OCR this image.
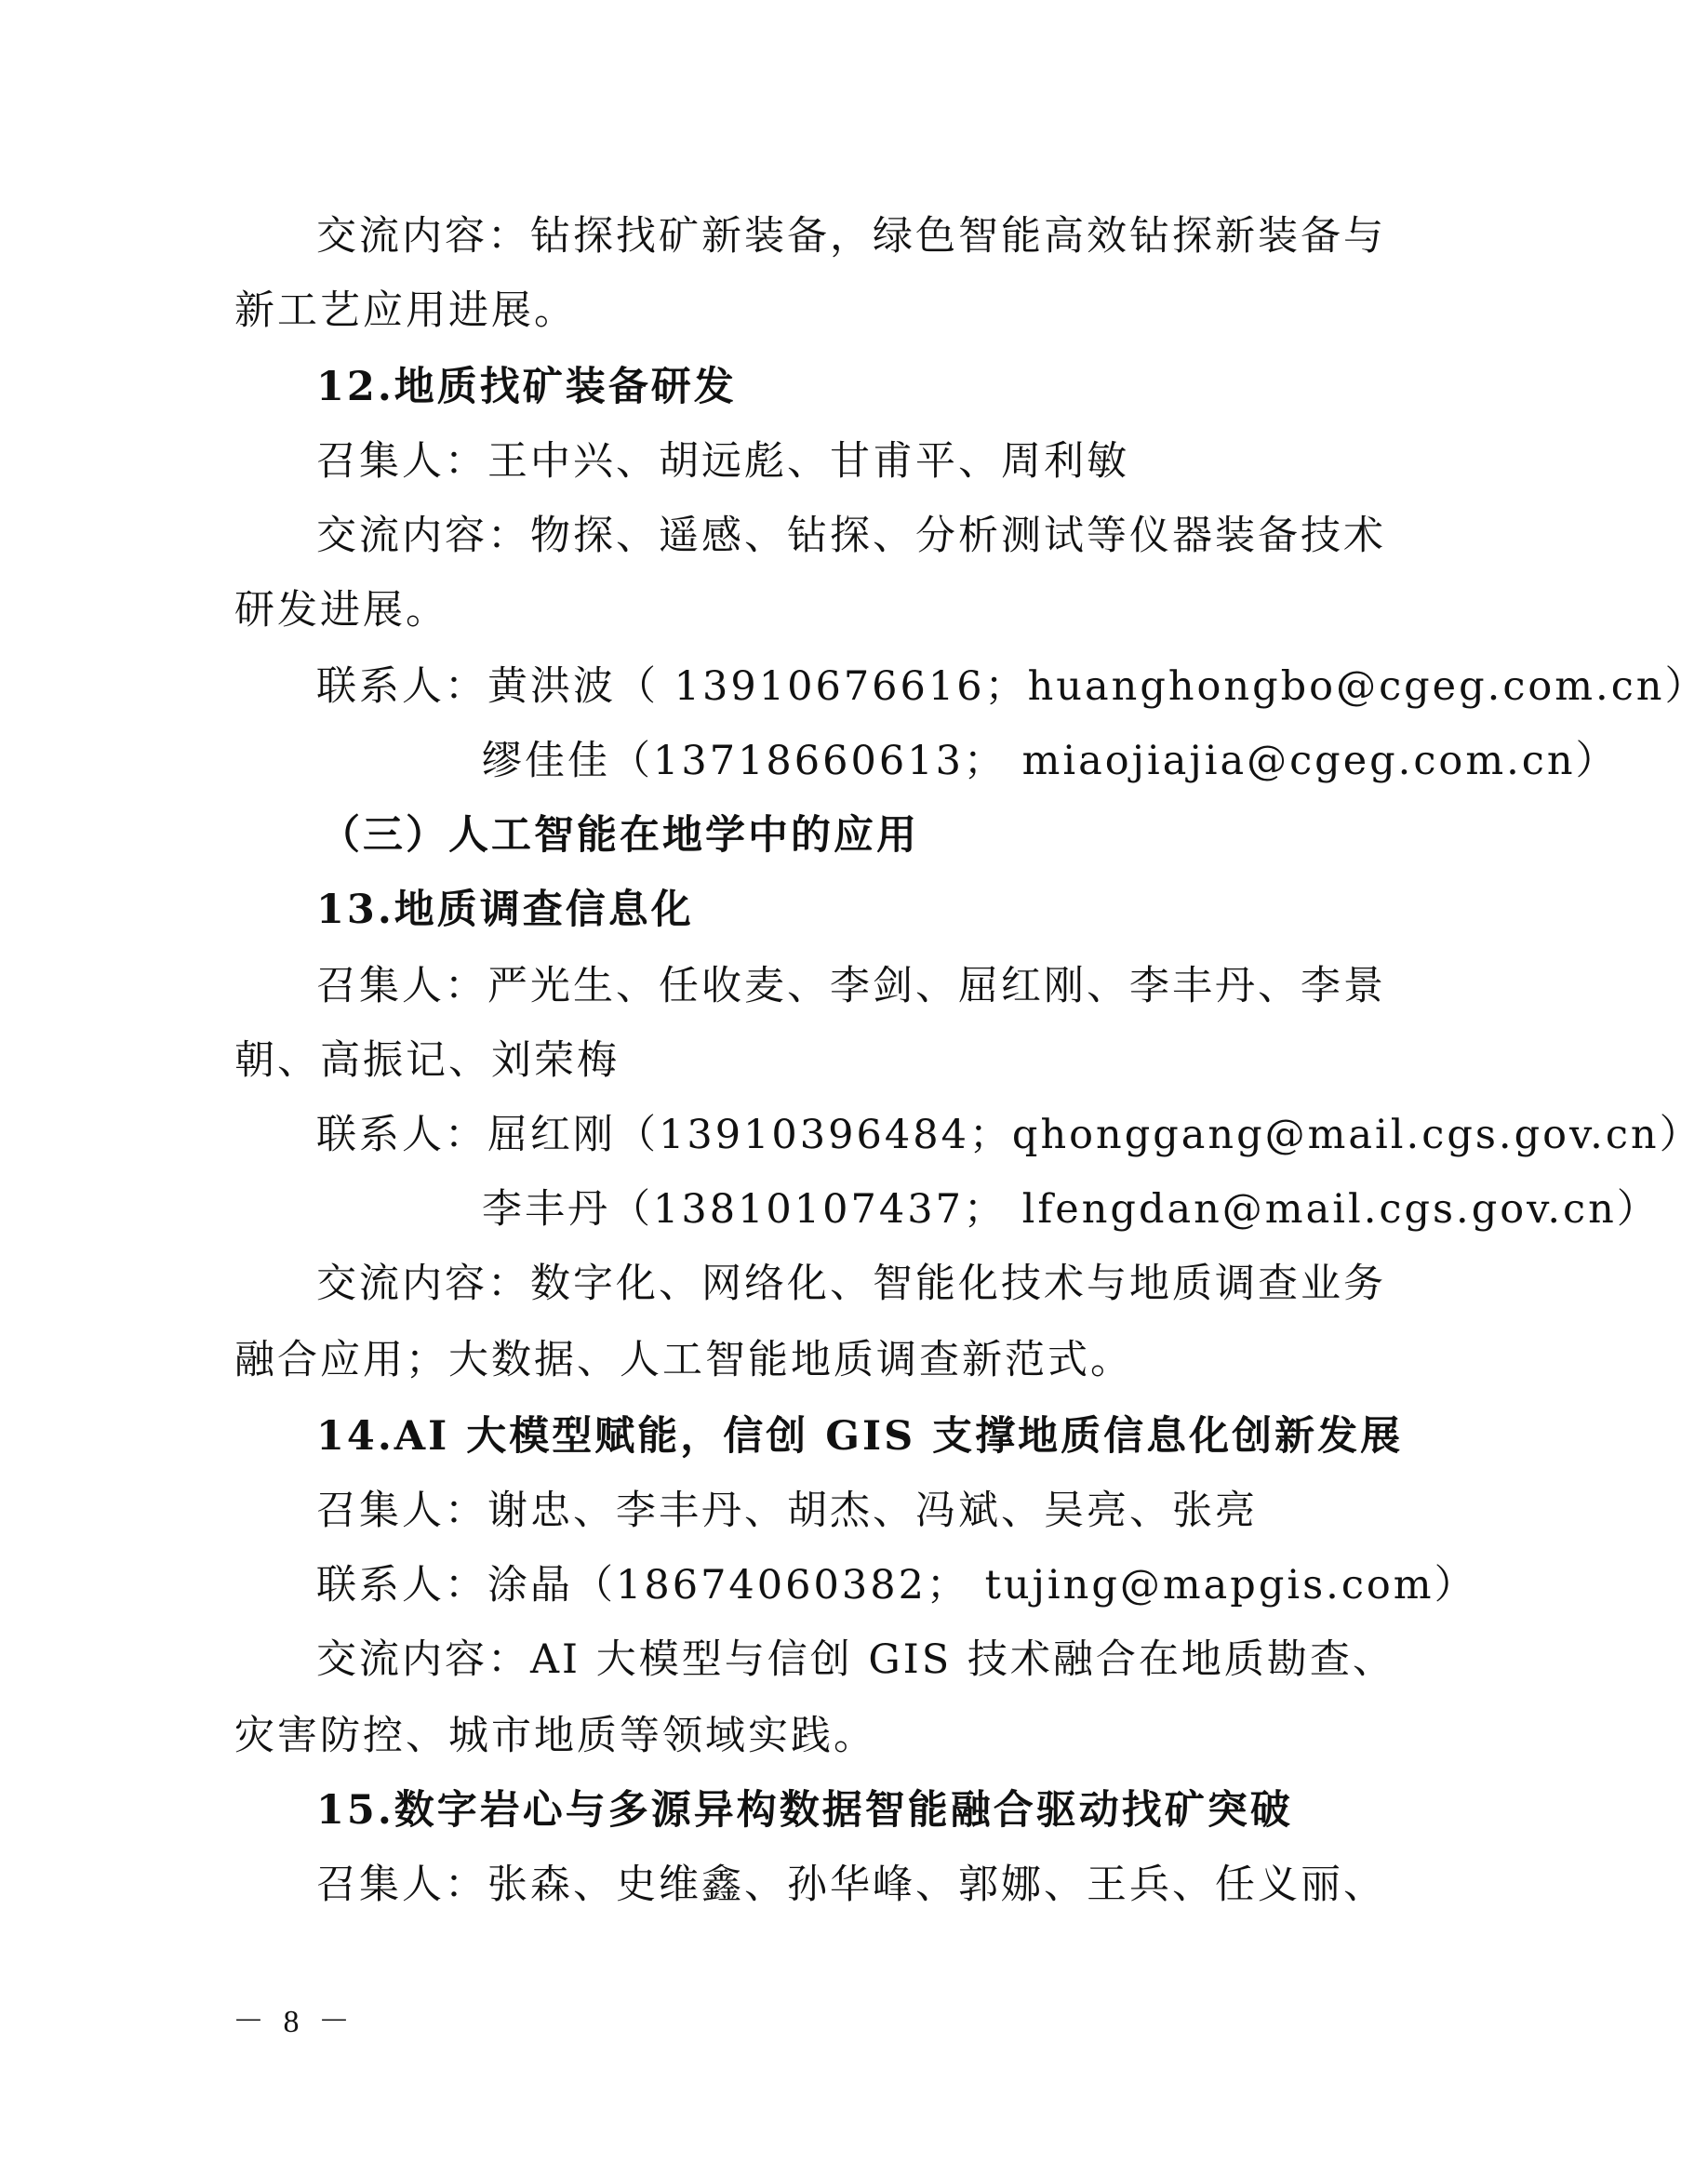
交流内容：钻探找矿新装备，绿色智能高效钻探新装备与
新工艺应用进展。
12.地质找矿装备研发
召集人：王中兴、胡远彪、甘甫平、周利敏
交流内容：物探、遥感、钻探、分析测试等仪器装备技术
研发进展。
联系人：黄洪波（ 13910676616；huanghongbo@cgeg.com.cn）
缪佳佳（13718660613； miaojiajia@cgeg.com.cn）
（三）人工智能在地学中的应用
13.地质调查信息化
召集人：严光生、任收麦、李剑、屈红刚、李丰丹、李景
朝、高振记、刘荣梅
联系人：屈红刚（13910396484；qhonggang@mail.cgs.gov.cn）
李丰丹（13810107437； lfengdan@mail.cgs.gov.cn）
交流内容：数字化、网络化、智能化技术与地质调查业务
融合应用；大数据、人工智能地质调查新范式。
14.AI 大模型赋能，信创 GIS 支撑地质信息化创新发展
召集人：谢忠、李丰丹、胡杰、冯斌、吴亮、张亮
联系人：涂晶（18674060382； tujing@mapgis.com）
交流内容：AI 大模型与信创 GIS 技术融合在地质勘查、
灾害防控、城市地质等领域实践。
15.数字岩心与多源异构数据智能融合驱动找矿突破
召集人：张森、史维鑫、孙华峰、郭娜、王兵、任义丽、
－ 8 －
